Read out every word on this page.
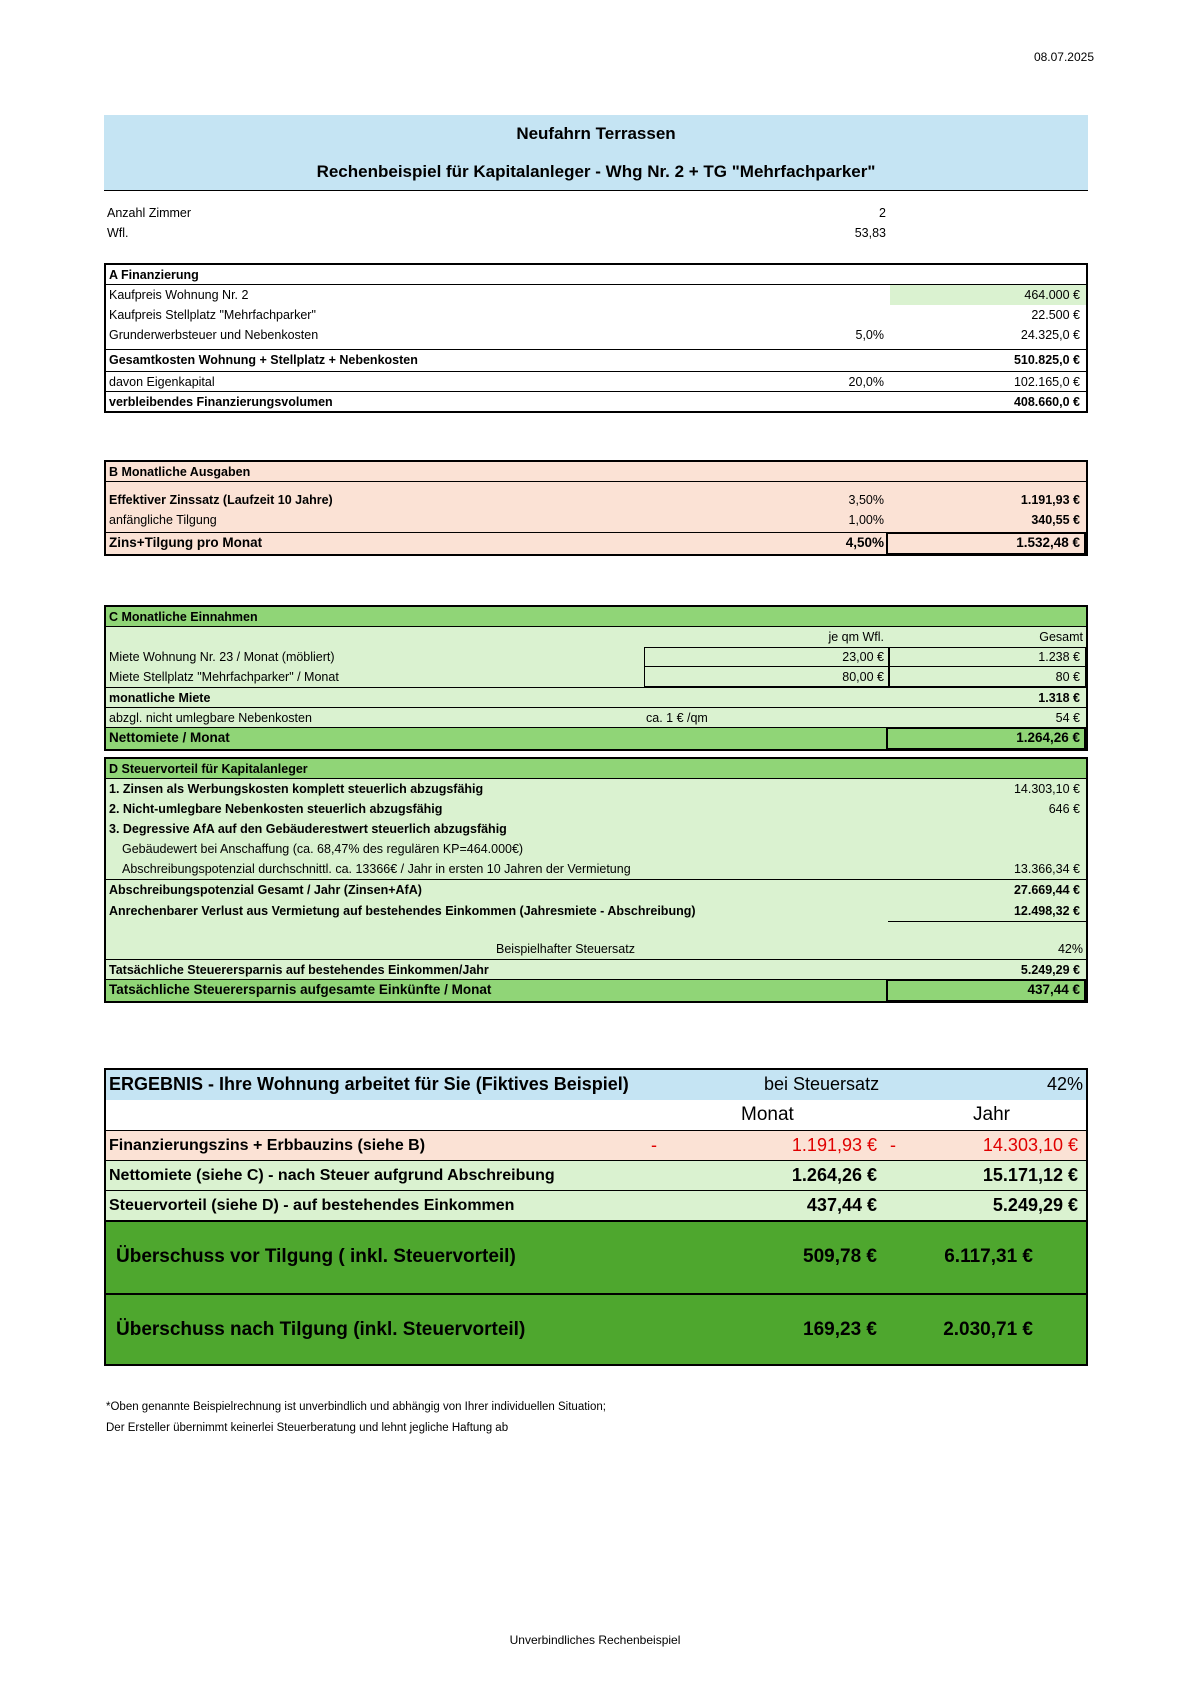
08.07.2025
Neufahrn Terrassen
Rechenbeispiel für Kapitalanleger - Whg Nr. 2 + TG "Mehrfachparker"
Anzahl Zimmer	2
Wfl.	53,83
A Finanzierung
Kaufpreis Wohnung Nr. 2	464.000 €
Kaufpreis Stellplatz "Mehrfachparker"	22.500 €
Grunderwerbsteuer und Nebenkosten	5,0%	24.325,0 €
Gesamtkosten Wohnung + Stellplatz + Nebenkosten	510.825,0 €
davon Eigenkapital	20,0%	102.165,0 €
verbleibendes Finanzierungsvolumen	408.660,0 €
B Monatliche Ausgaben
Effektiver Zinssatz (Laufzeit 10 Jahre)	3,50%	1.191,93 €
anfängliche Tilgung	1,00%	340,55 €
Zins+Tilgung pro Monat	4,50%	1.532,48 €
C Monatliche Einnahmen
je qm Wfl.	Gesamt
Miete Wohnung Nr. 23 / Monat (möbliert)	23,00 €	1.238 €
Miete Stellplatz "Mehrfachparker" / Monat	80,00 €	80 €
monatliche Miete	1.318 €
abzgl. nicht umlegbare Nebenkosten	ca. 1 € /qm	54 €
Nettomiete / Monat	1.264,26 €
D Steuervorteil für Kapitalanleger
1. Zinsen als Werbungskosten komplett steuerlich abzugsfähig	14.303,10 €
2. Nicht-umlegbare Nebenkosten steuerlich abzugsfähig	646 €
3. Degressive AfA auf den Gebäuderestwert steuerlich abzugsfähig
Gebäudewert bei Anschaffung (ca. 68,47% des regulären KP=464.000€)
Abschreibungspotenzial durchschnittl. ca. 13366€ / Jahr in ersten 10 Jahren der Vermietung	13.366,34 €
Abschreibungspotenzial Gesamt / Jahr (Zinsen+AfA)	27.669,44 €
Anrechenbarer Verlust aus Vermietung auf bestehendes Einkommen (Jahresmiete - Abschreibung)	12.498,32 €
Beispielhafter Steuersatz	42%
Tatsächliche Steuerersparnis auf bestehendes Einkommen/Jahr	5.249,29 €
Tatsächliche Steuerersparnis aufgesamte Einkünfte / Monat	437,44 €
ERGEBNIS - Ihre Wohnung arbeitet für Sie (Fiktives Beispiel)	bei Steuersatz	42%
Monat	Jahr
Finanzierungszins + Erbbauzins (siehe B)	-	1.191,93 € -	14.303,10 €
Nettomiete (siehe C) - nach Steuer aufgrund Abschreibung	1.264,26 €	15.171,12 €
Steuervorteil (siehe D) - auf bestehendes Einkommen	437,44 €	5.249,29 €
Überschuss vor Tilgung ( inkl. Steuervorteil)	509,78 €	6.117,31 €
Überschuss nach Tilgung (inkl. Steuervorteil)	169,23 €	2.030,71 €
*Oben genannte Beispielrechnung ist unverbindlich und abhängig von Ihrer individuellen Situation;
Der Ersteller übernimmt keinerlei Steuerberatung und lehnt jegliche Haftung ab
Unverbindliches Rechenbeispiel
